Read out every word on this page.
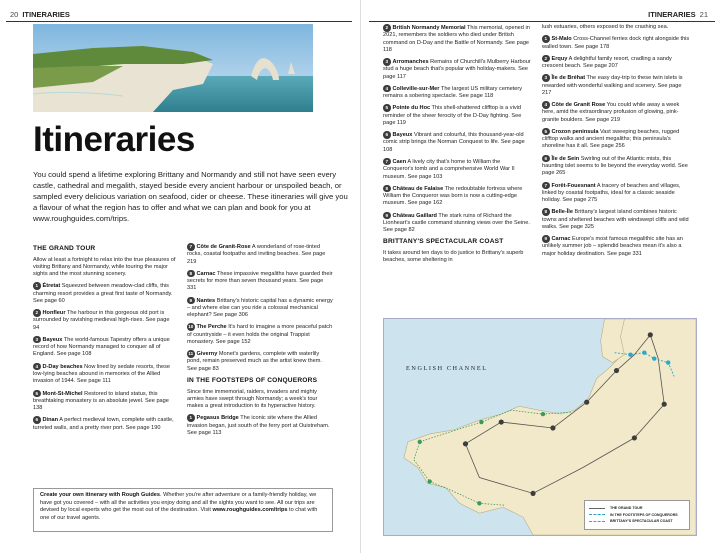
20 ITINERARIES
Itineraries
You could spend a lifetime exploring Brittany and Normandy and still not have seen every castle, cathedral and megalith, stayed beside every ancient harbour or unspoiled beach, or sampled every delicious variation on seafood, cider or cheese. These itineraries will give you a flavour of what the region has to offer and what we can plan and book for you at www.roughguides.com/trips.
THE GRAND TOUR
Allow at least a fortnight to relax into the true pleasures of visiting Brittany and Normandy, while touring the major sights and the most stunning scenery.
1 Étretat Squeezed between meadow-clad cliffs, this charming resort provides a great first taste of Normandy. See page 60
2 Honfleur The harbour in this gorgeous old port is surrounded by ravishing medieval high-rises. See page 94
3 Bayeux The world-famous Tapestry offers a unique record of how Normandy managed to conquer all of England. See page 108
4 D-Day beaches Now lined by sedate resorts, these low-lying beaches abound in memories of the Allied invasion of 1944. See page 111
5 Mont-St-Michel Restored to island status, this breathtaking monastery is an absolute jewel. See page 138
6 Dinan A perfect medieval town, complete with castle, turreted walls, and a pretty river port. See page 190
7 Côte de Granit-Rose A wonderland of rose-tinted rocks, coastal footpaths and inviting beaches. See page 219
8 Carnac These impassive megaliths have guarded their secrets for more than seven thousand years. See page 331
9 Nantes Brittany's historic capital has a dynamic energy – and where else can you ride a colossal mechanical elephant? See page 306
10 The Perche It's hard to imagine a more peaceful patch of countryside – it even holds the original Trappist monastery. See page 152
11 Giverny Monet's gardens, complete with waterlily pond, remain preserved much as the artist knew them. See page 83
IN THE FOOTSTEPS OF CONQUERORS
Since time immemorial, raiders, invaders and mighty armies have swept through Normandy; a week's tour makes a great introduction to its hyperactive history.
1 Pegasus Bridge The iconic site where the Allied invasion began, just south of the ferry port at Ouistreham. See page 113
Create your own itinerary with Rough Guides. Whether you're after adventure or a family-friendly holiday, we have got you covered – with all the activities you enjoy doing and all the sights you want to see. All our trips are devised by local experts who get the most out of the destination. Visit www.roughguides.com/trips to chat with one of our travel agents.
ITINERARIES 21
2 British Normandy Memorial This memorial, opened in 2021, remembers the soldiers who died under British command on D-Day and the Battle of Normandy. See page 118
3 Arromanches Remains of Churchill's Mulberry Harbour stud a huge beach that's popular with holiday-makers. See page 117
4 Colleville-sur-Mer The largest US military cemetery remains a sobering spectacle. See page 118
5 Pointe du Hoc This shell-shattered clifftop is a vivid reminder of the sheer ferocity of the D-Day fighting. See page 119
6 Bayeux Vibrant and colourful, this thousand-year-old comic strip brings the Norman Conquest to life. See page 108
7 Caen A lively city that's home to William the Conqueror's tomb and a comprehensive World War II museum. See page 103
8 Château de Falaise The redoubtable fortress where William the Conqueror was born is now a cutting-edge museum. See page 162
9 Château Gaillard The stark ruins of Richard the Lionheart's castle command stunning views over the Seine. See page 82
BRITTANY'S SPECTACULAR COAST
It takes around ten days to do justice to Brittany's superb beaches, some sheltering in
lush estuaries, others exposed to the crashing sea.
1 St-Malo Cross-Channel ferries dock right alongside this walled town. See page 178
2 Erquy A delightful family resort, cradling a sandy crescent beach. See page 207
3 Île de Bréhat The easy day-trip to these twin islets is rewarded with wonderful walking and scenery. See page 217
4 Côte de Granit Rose You could while away a week here, amid the extraordinary profusion of glowing, pink-granite boulders. See page 219
5 Crozon peninsula Vast sweeping beaches, rugged clifftop walks and ancient megaliths; this peninsula's shoreline has it all. See page 256
6 Île de Sein Swirling out of the Atlantic mists, this haunting islet seems to lie beyond the everyday world. See page 265
7 Forêt-Fouesnant A tracery of beaches and villages, linked by coastal footpaths, ideal for a classic seaside holiday. See page 275
8 Belle-Île Brittany's largest island combines historic towns and sheltered beaches with windswept cliffs and wild walks. See page 325
9 Carnac Europe's most famous megalithic site has an unlikely summer job – splendid beaches mean it's also a major holiday destination. See page 331
ENGLISH CHANNEL
THE GRAND TOUR
IN THE FOOTSTEPS OF CONQUERORS
BRITTANY'S SPECTACULAR COAST
